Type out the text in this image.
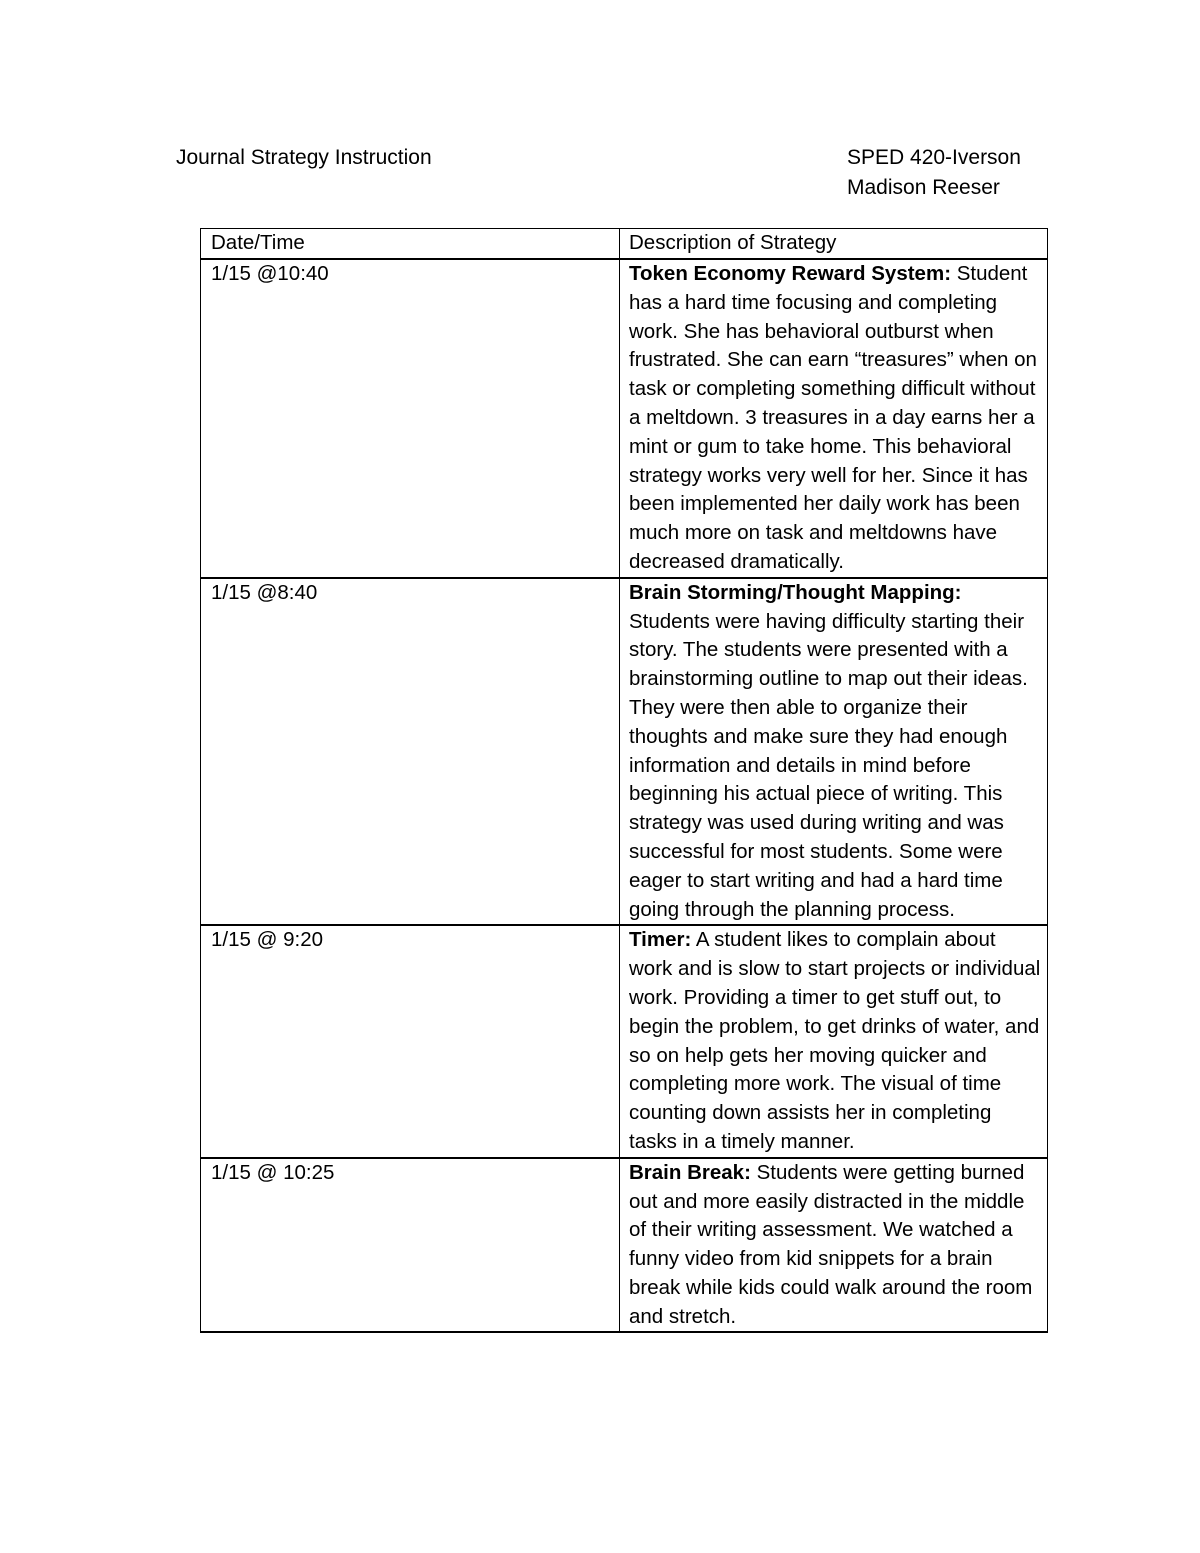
Journal Strategy Instruction	SPED 420-Iverson
Madison Reeser
Date/Time	Description of Strategy
1/15 @10:40	Token Economy Reward System: Student has a hard time focusing and completing work. She has behavioral outburst when frustrated. She can earn “treasures” when on task or completing something difficult without a meltdown. 3 treasures in a day earns her a mint or gum to take home. This behavioral strategy works very well for her. Since it has been implemented her daily work has been much more on task and meltdowns have decreased dramatically.
1/15 @8:40	Brain Storming/Thought Mapping: Students were having difficulty starting their story. The students were presented with a brainstorming outline to map out their ideas. They were then able to organize their thoughts and make sure they had enough information and details in mind before beginning his actual piece of writing. This strategy was used during writing and was successful for most students. Some were eager to start writing and had a hard time going through the planning process.
1/15 @ 9:20	Timer: A student likes to complain about work and is slow to start projects or individual work. Providing a timer to get stuff out, to begin the problem, to get drinks of water, and so on help gets her moving quicker and completing more work. The visual of time counting down assists her in completing tasks in a timely manner.
1/15 @ 10:25	Brain Break: Students were getting burned out and more easily distracted in the middle of their writing assessment. We watched a funny video from kid snippets for a brain break while kids could walk around the room and stretch.
